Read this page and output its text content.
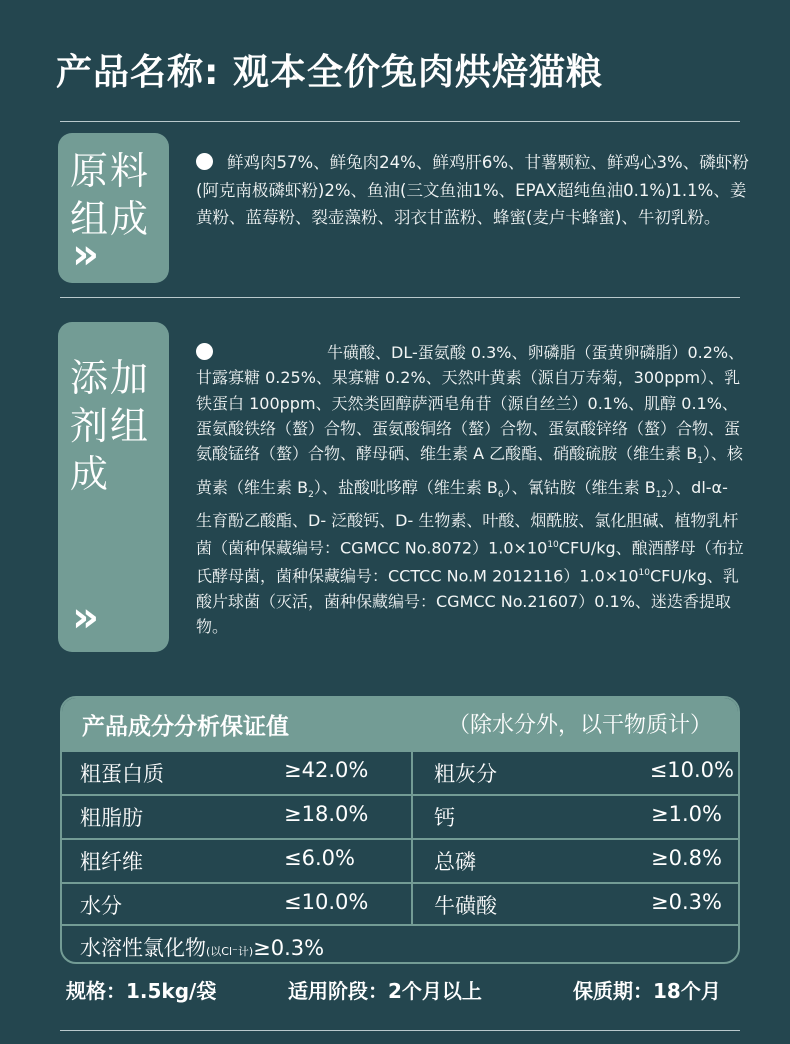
产品名称: 观本全价兔肉烘焙猫粮
原料组成
»
鲜鸡肉57%、鲜兔肉24%、鲜鸡肝6%、甘薯颗粒、鲜鸡心3%、磷虾粉(阿克南极磷虾粉)2%、鱼油(三文鱼油1%、EPAX超纯鱼油0.1%)1.1%、姜黄粉、蓝莓粉、裂壶藻粉、羽衣甘蓝粉、蜂蜜(麦卢卡蜂蜜)、牛初乳粉。
添加剂组成
»
牛磺酸、DL-蛋氨酸 0.3%、卵磷脂（蛋黄卵磷脂）0.2%、甘露寡糖 0.25%、果寡糖 0.2%、天然叶黄素（源自万寿菊，300ppm）、乳铁蛋白 100ppm、天然类固醇萨洒皂角苷（源自丝兰）0.1%、肌醇 0.1%、蛋氨酸铁络（螯）合物、蛋氨酸铜络（螯）合物、蛋氨酸锌络（螯）合物、蛋氨酸锰络（螯）合物、酵母硒、维生素 A 乙酸酯、硝酸硫胺（维生素 $B_1$）、核黄素（维生素 $B_2$）、盐酸吡哆醇（维生素 $B_6$）、氰钴胺（维生素 $B_{12}$）、dl-α- 生育酚乙酸酯、D- 泛酸钙、D- 生物素、叶酸、烟酰胺、氯化胆碱、植物乳杆菌（菌种保藏编号：CGMCC $No.8072)1.0\times 10^{10}CFU/kg$、酿酒酵母（布拉氏酵母菌，菌种保藏编号：CCTCC No.M $2012116)1.0\times 10^{10}CFU/kg$、乳酸片球菌（灭活，菌种保藏编号：CGMCC No.21607）0.1%、迷迭香提取物。
产品成分分析保证值	（除水分外，以干物质计）
粗蛋白质	≥42.0%	粗灰分	≤10.0%
粗脂肪	≥18.0%	钙	≥1.0%
粗纤维	≤6.0%	总磷	≥0.8%
水分	≤10.0%	牛磺酸	≥0.3%
水溶性氯化物(以Cl⁻计)≥0.3%
规格：1.5kg/袋	适用阶段：2个月以上	保质期：18个月
